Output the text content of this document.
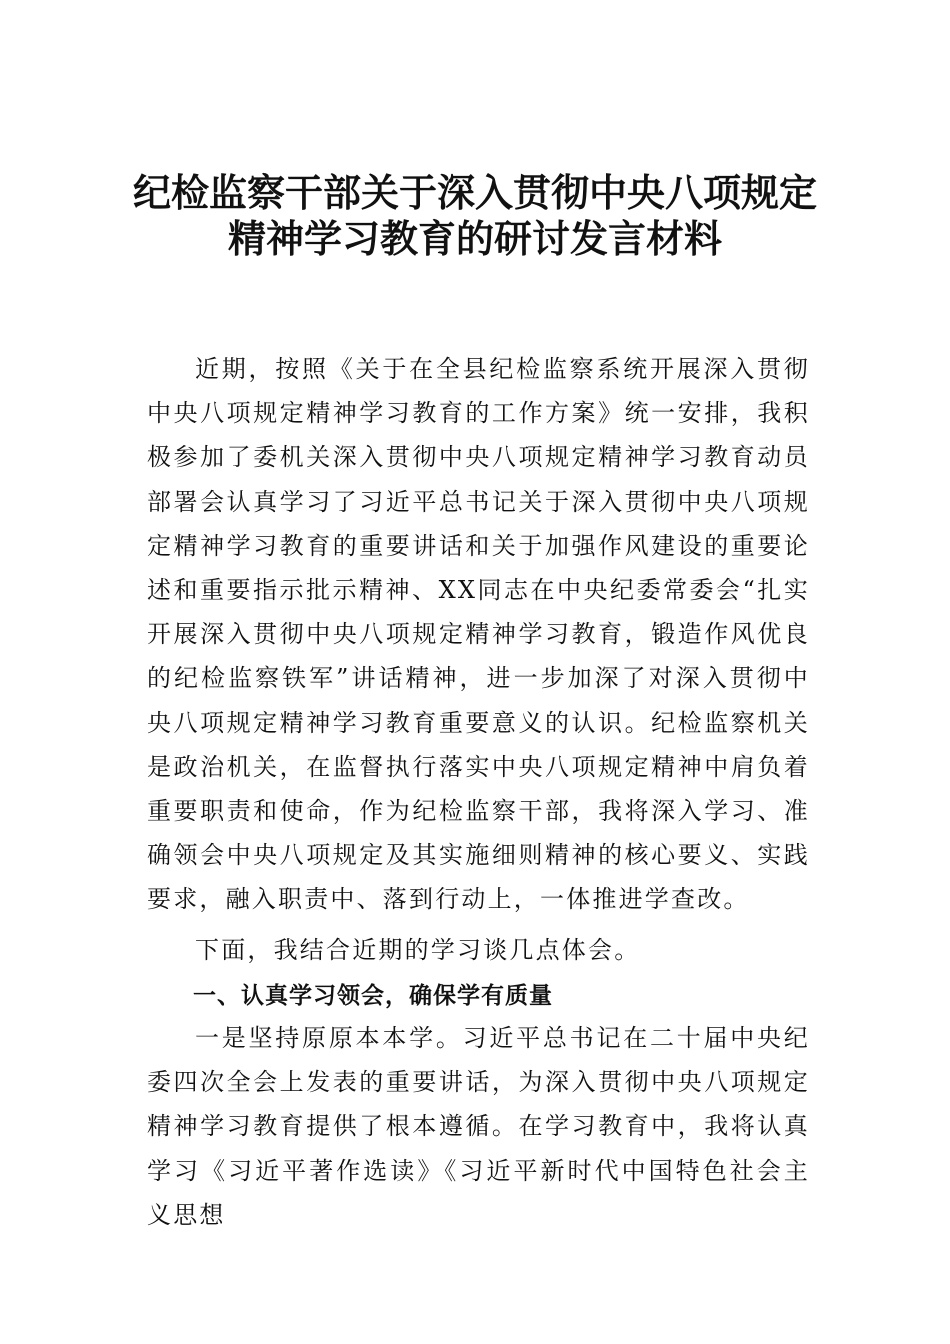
纪检监察干部关于深入贯彻中央八项规定
精神学习教育的研讨发言材料

近期，按照《关于在全县纪检监察系统开展深入贯彻中央八项规定精神学习教育的工作方案》统一安排，我积极参加了委机关深入贯彻中央八项规定精神学习教育动员部署会认真学习了习近平总书记关于深入贯彻中央八项规定精神学习教育的重要讲话和关于加强作风建设的重要论述和重要指示批示精神、XX同志在中央纪委常委会“扎实开展深入贯彻中央八项规定精神学习教育，锻造作风优良的纪检监察铁军”讲话精神，进一步加深了对深入贯彻中央八项规定精神学习教育重要意义的认识。纪检监察机关是政治机关，在监督执行落实中央八项规定精神中肩负着重要职责和使命，作为纪检监察干部，我将深入学习、准确领会中央八项规定及其实施细则精神的核心要义、实践要求，融入职责中、落到行动上，一体推进学查改。

下面，我结合近期的学习谈几点体会。

一、认真学习领会，确保学有质量

一是坚持原原本本学。习近平总书记在二十届中央纪委四次全会上发表的重要讲话，为深入贯彻中央八项规定精神学习教育提供了根本遵循。在学习教育中，我将认真学习《习近平著作选读》《习近平新时代中国特色社会主义思想
